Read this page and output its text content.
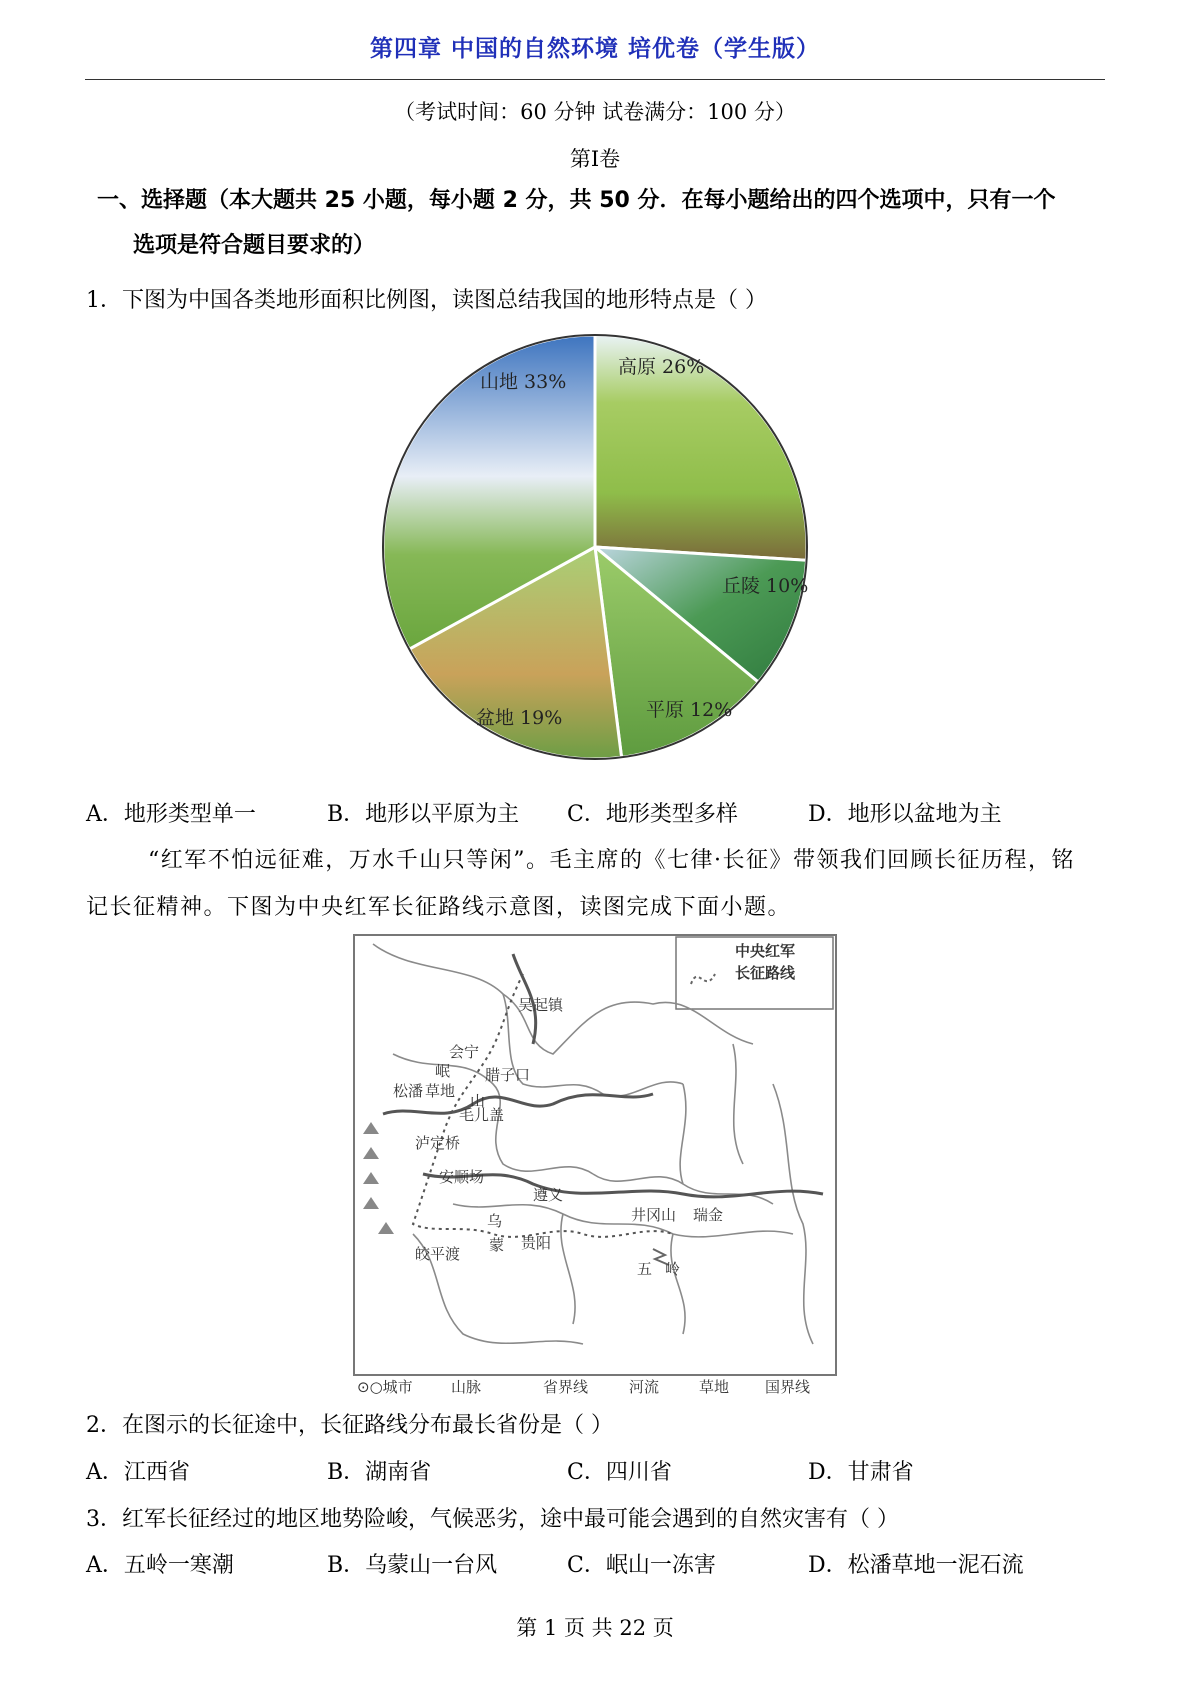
第四章 中国的自然环境 培优卷（学生版）
（考试时间：60 分钟 试卷满分：100 分）
第Ⅰ卷
一、选择题（本大题共 25 小题，每小题 2 分，共 50 分．在每小题给出的四个选项中，只有一个
选项是符合题目要求的）
1．下图为中国各类地形面积比例图，读图总结我国的地形特点是（ ）
山地 33%
高原 26%
丘陵 10%
平原 12%
盆地 19%
A．地形类型单一	B．地形以平原为主 C．地形类型多样	D．地形以盆地为主
“红军不怕远征难，万水千山只等闲”。毛主席的《七律·长征》带领我们回顾长征历程，铭
记长征精神。下图为中央红军长征路线示意图，读图完成下面小题。
中央红军
长征路线
吴起镇
会宁
腊子口
岷
山
松潘 草地
毛儿盖
泸定桥
安顺场
遵义
乌
蒙 贵阳
皎平渡
井冈山 瑞金
五 岭
⊙○城市	山脉	省界线	河流	草地 国界线
2．在图示的长征途中，长征路线分布最长省份是（ ）
A．江西省	B．湖南省	C．四川省	D．甘肃省
3．红军长征经过的地区地势险峻，气候恶劣，途中最可能会遇到的自然灾害有（ ）
A．五岭一寒潮	B．乌蒙山一台风	C．岷山一冻害	D．松潘草地一泥石流
第 1 页 共 22 页
